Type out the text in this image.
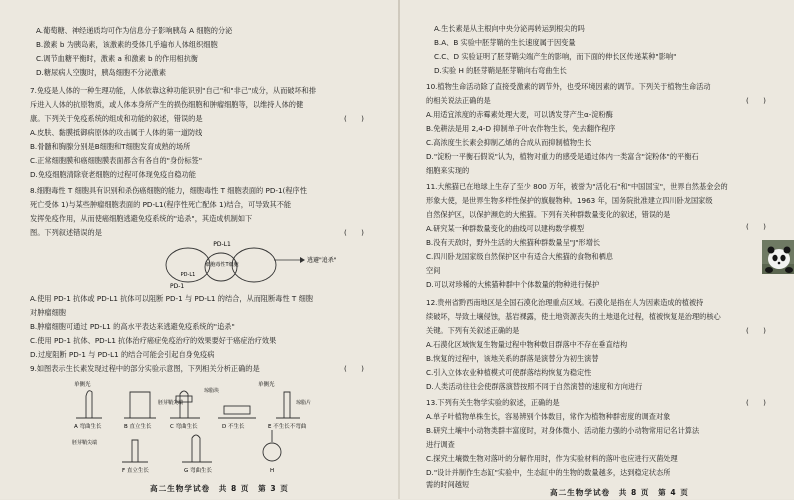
A.葡萄糖、神经递质均可作为信息分子影响胰岛 A 细胞的分泌
B.激素 b 为胰岛素，该激素的受体几乎遍布人体组织细胞
C.调节血糖平衡时，激素 a 和激素 b 的作用相抗衡
D.糖尿病人空腹时，胰岛细胞不分泌激素
7.免疫是人体的一种生理功能，人体依靠这种功能识别"自己"和"非己"成分，从而破坏和排
斥进入人体的抗原物质，或人体本身所产生的损伤细胞和肿瘤细胞等，以维持人体的健
康。下列关于免疫系统的组成和功能的叙述，错误的是	(　　)
A.皮肤、黏膜抵御病原体的攻击属于人体的第一道防线
B.骨髓和胸腺分别是B细胞和T细胞发育成熟的场所
C.正常细胞膜和癌细胞膜表面都含有各自的"身份标签"
D.免疫细胞清除衰老细胞的过程可体现免疫自稳功能
8.细胞毒性 T 细胞具有识别和杀伤癌细胞的能力，细胞毒性 T 细胞表面的 PD-1(程序性
死亡受体 1)与某些肿瘤细胞表面的 PD-L1(程序性死亡配体 1)结合，可导致其不能
发挥免疫作用，从而使癌细胞逃避免疫系统的"追杀"，其造成机制如下
图。下列叙述错误的是	(　　)
PD-L1
细胞毒性T细胞
PD-L1
PD-1
逃避"追杀"
A.使用 PD-1 抗体或 PD-L1 抗体可以阻断 PD-1 与 PD-L1 的结合，从而阻断毒性 T 细胞
对肿瘤细胞
B.肿瘤细胞可通过 PD-L1 的高水平表达来逃避免疫系统的"追杀"
C.使用 PD-1 抗体、PD-L1 抗体治疗癌症免疫治疗的效果要好于癌症治疗效果
D.过度阻断 PD-1 与 PD-L1 的结合可能会引起自身免疫病
9.如图表示生长素发现过程中的部分实验示意图，下列相关分析正确的是	(　　)
单侧光	单侧光
琼脂块
琼脂片
胚芽鞘尖端
胚芽鞘尖端
A 弯曲生长	B 直立生长	C 弯曲生长	D 不生长	E 不生长不弯曲
F 直立生长	G 弯曲生长	H
高二生物学试卷　共 8 页　第 3 页
A.生长素是从主根向中央分泌再转运到根尖的吗
B.A、B 实验中胚芽鞘的生长速度属于因变量
C.C、D 实验证明了胚芽鞘尖端产生的影响，而下面的伸长区传递某种"影响"
D.实验 H 的胚芽鞘是胚芽鞘向右弯曲生长
10.植物生命活动除了直接受激素的调节外，也受环境因素的调节。下列关于植物生命活动
的相关说法正确的是	(　　)
A.用适宜浓度的赤霉素处理大麦，可以诱发芽产生α-淀粉酶
B.免耕法是用 2,4-D 抑制单子叶农作物生长，免去翻作程序
C.高浓度生长素会抑制乙烯的合成从而抑制植物生长
D."淀粉一平衡石假说"认为，植物对重力的感受是通过体内一类富含"淀粉体"的平衡石
细胞来实现的
11.大熊猫已在地球上生存了至少 800 万年，被誉为"活化石"和"中国国宝"，世界自然基金会的
形象大使，是世界生物多样性保护的旗舰物种。1963 年，国务院批准建立四川卧龙国家级
自然保护区，以保护濒危的大熊猫。下列有关种群数量变化的叙述，错误的是
(　　)
A.研究某一种群数量变化的曲线可以建构数学模型
B.没有天敌时，野外生活的大熊猫种群数量呈"J"形增长
C.四川卧龙国家级自然保护区中有适合大熊猫的食物和栖息
空间
D.可以对珍稀的大熊猫种群中个体数量的物种进行保护
12.贵州省黔西南地区是全国石漠化治理重点区域。石漠化是指在人为因素造成的植被持
续破坏，导致土壤侵蚀，基岩裸露，使土地资源丧失的土地退化过程，植被恢复是治理的核心
关键。下列有关叙述正确的是	(　　)
A.石漠化区域恢复生物量过程中物种数目群落中不存在垂直结构
B.恢复的过程中，该地关系的群落是演替分为初生演替
C.引入立体农业种植模式可使群落结构恢复为稳定性
D.人类活动往往会使群落演替按照不同于自然演替的速度和方向进行
13.下列有关生物学实验的叙述，正确的是	(　　)
A.单子叶植物单株生长，容易辨别个体数目，常作为植物种群密度的调查对象
B.研究土壤中小动物类群丰富度时，对身体微小、活动能力强的小动物常用记名计算法
进行调查
C.探究土壤微生物对落叶的分解作用时，作为实验材料的落叶也应进行灭菌处理
D."设计并制作生态缸"实验中，生态缸中的生物的数量越多，达到稳定状态所
需的时间越短
高二生物学试卷　共 8 页　第 4 页
